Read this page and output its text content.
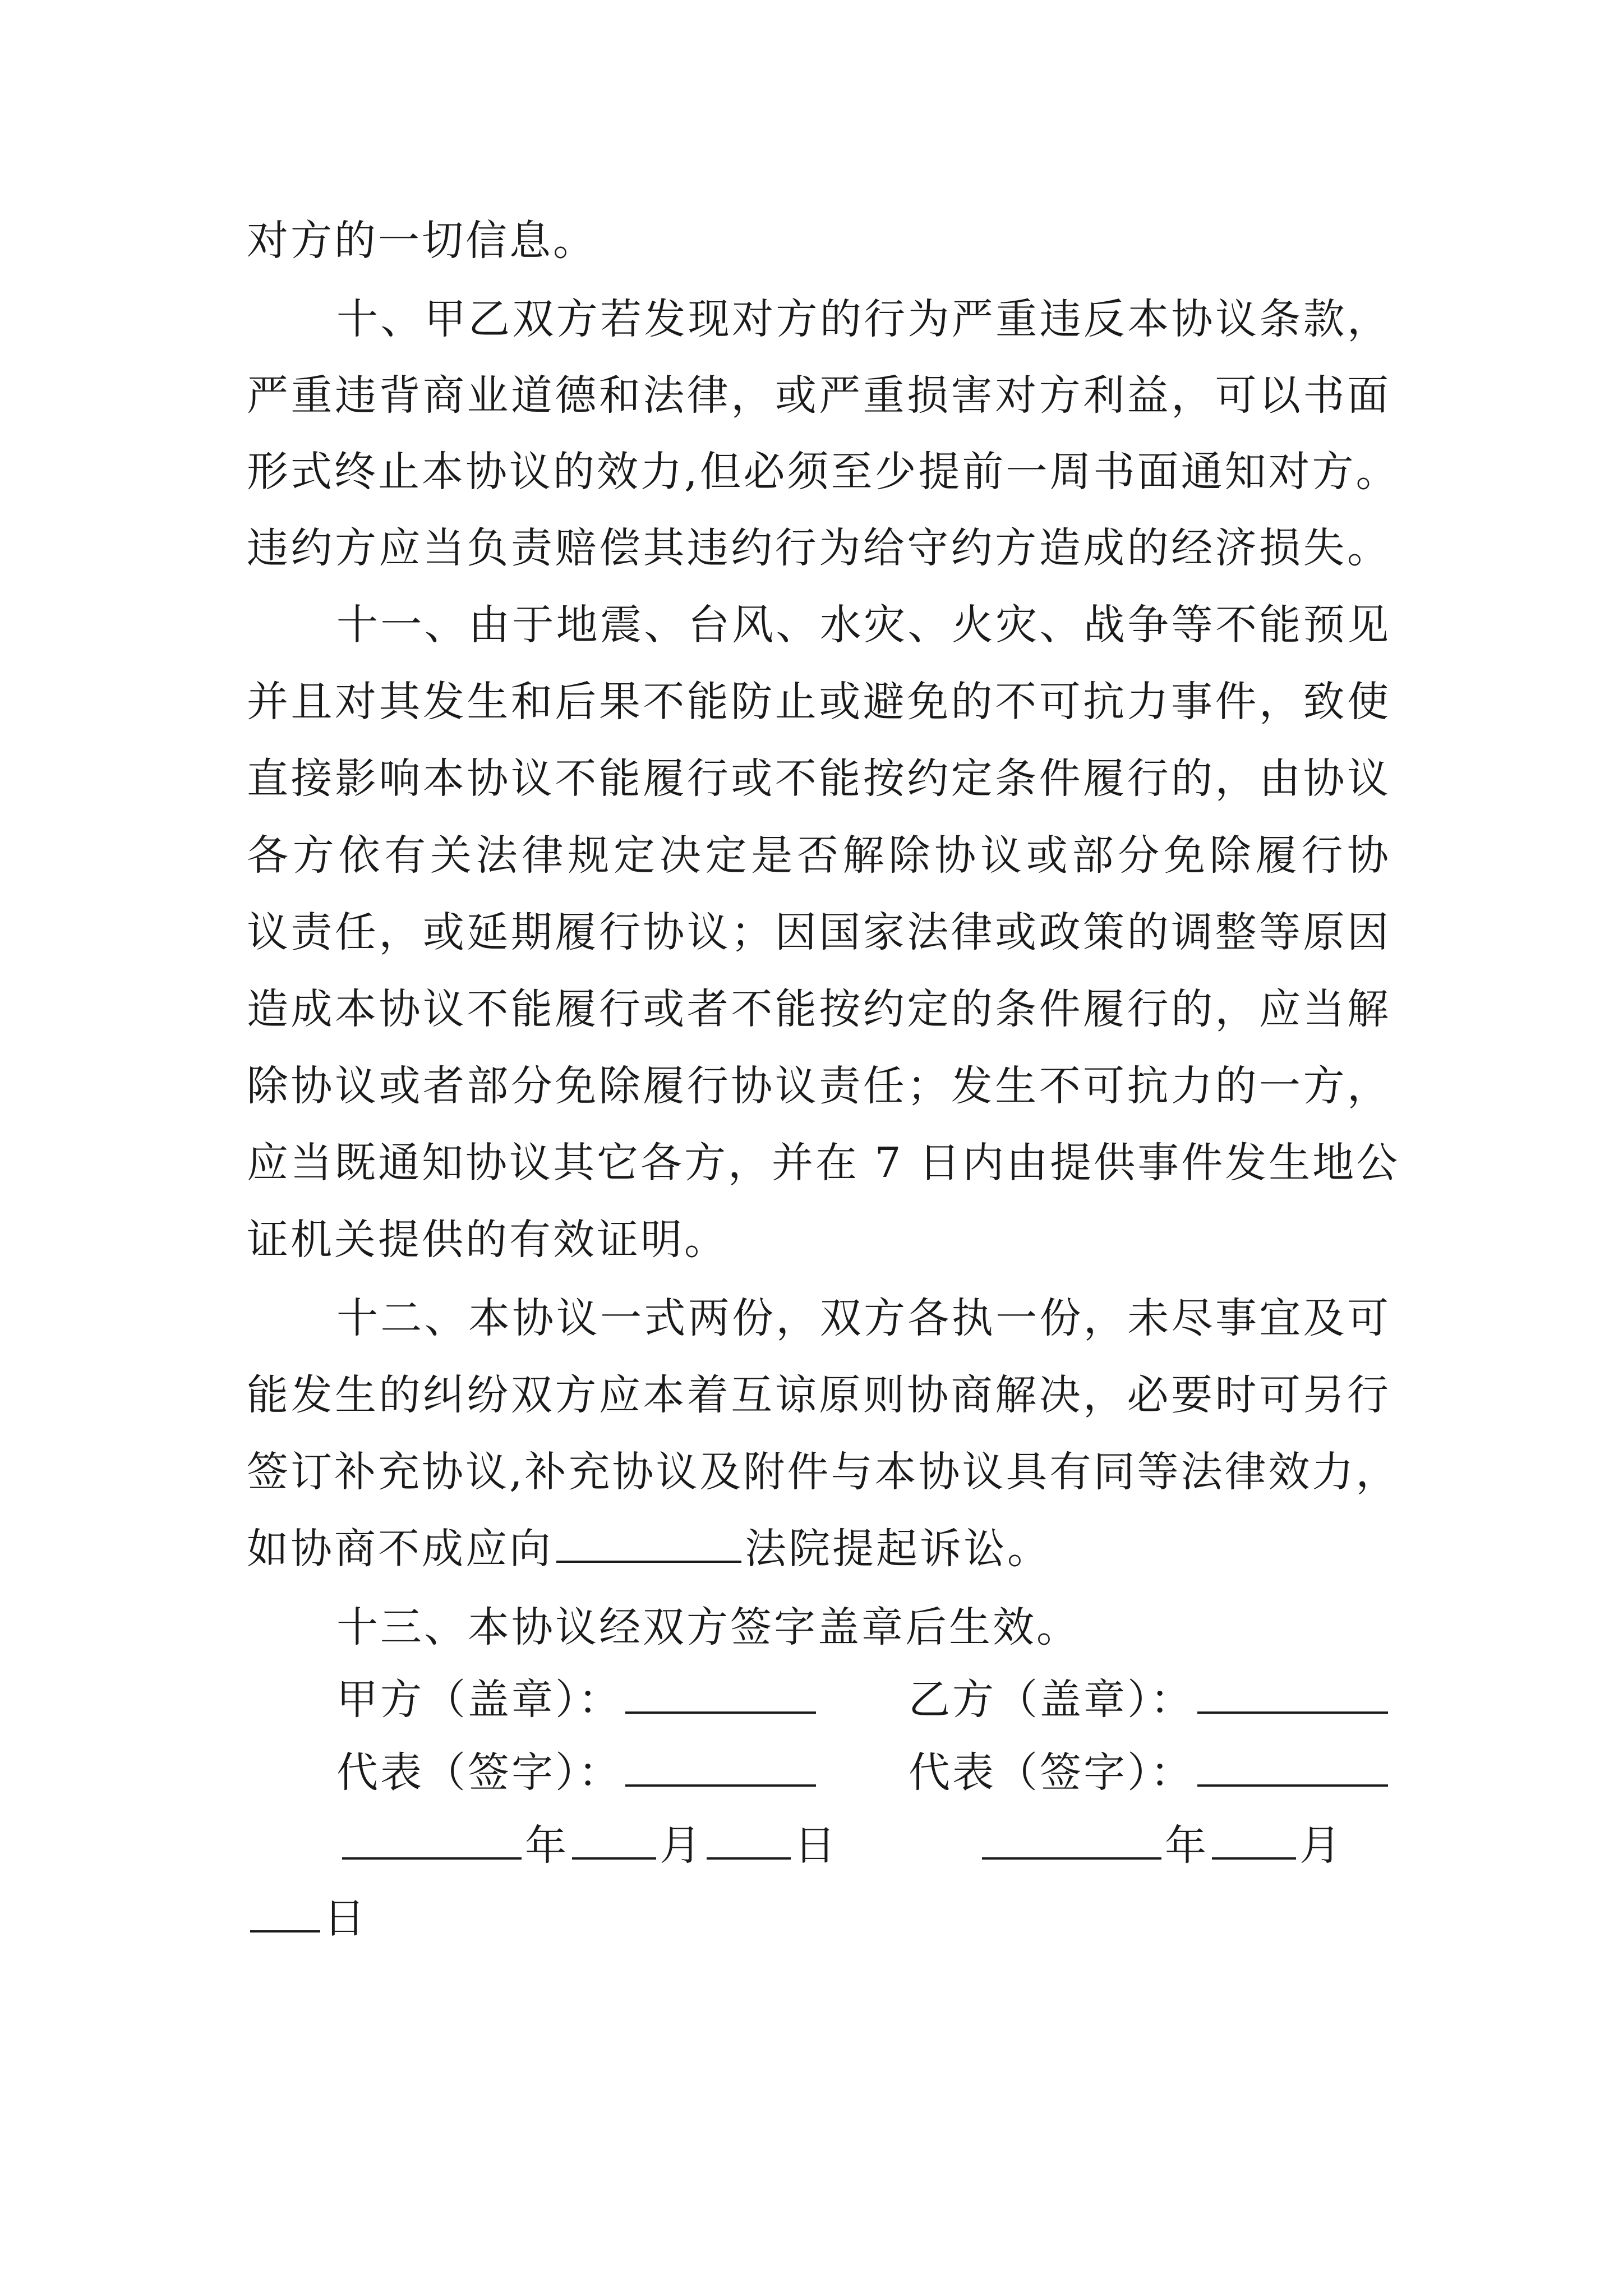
对方的一切信息。
十、甲乙双方若发现对方的行为严重违反本协议条款，
严重违背商业道德和法律，或严重损害对方利益，可以书面
形式终止本协议的效力,但必须至少提前一周书面通知对方。
违约方应当负责赔偿其违约行为给守约方造成的经济损失。
十一、由于地震、台风、水灾、火灾、战争等不能预见
并且对其发生和后果不能防止或避免的不可抗力事件，致使
直接影响本协议不能履行或不能按约定条件履行的，由协议
各方依有关法律规定决定是否解除协议或部分免除履行协
议责任，或延期履行协议；因国家法律或政策的调整等原因
造成本协议不能履行或者不能按约定的条件履行的，应当解
除协议或者部分免除履行协议责任；发生不可抗力的一方，
应当既通知协议其它各方，并在 7 日内由提供事件发生地公
证机关提供的有效证明。
十二、本协议一式两份，双方各执一份，未尽事宜及可
能发生的纠纷双方应本着互谅原则协商解决，必要时可另行
签订补充协议,补充协议及附件与本协议具有同等法律效力，
如协商不成应向	法院提起诉讼。
十三、本协议经双方签字盖章后生效。
甲方（盖章）：	乙方（盖章）：
代表（签字）：	代表（签字）：
年 月 日	年 月
日
